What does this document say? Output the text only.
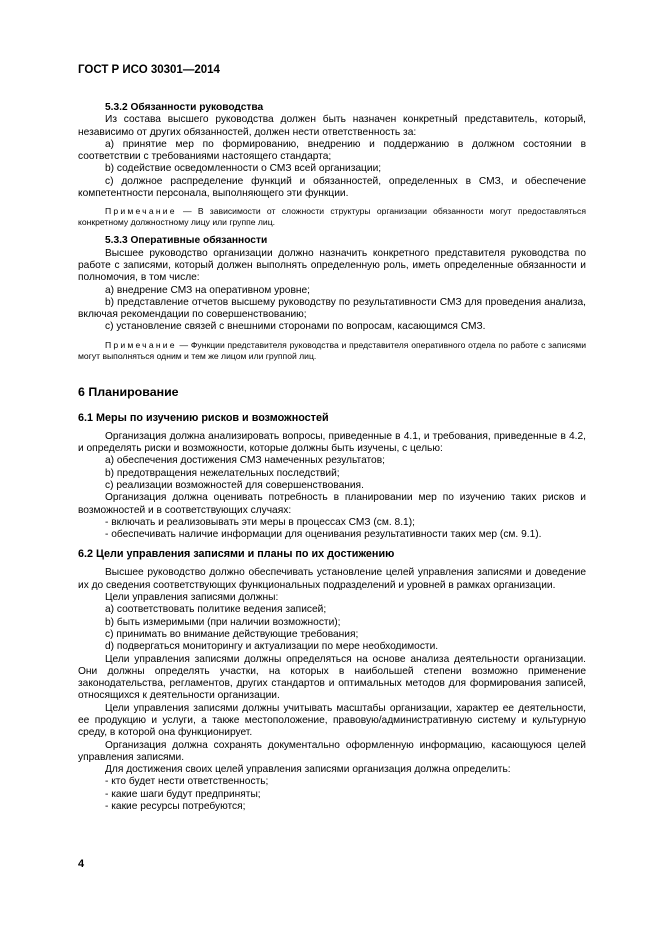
ГОСТ Р ИСО 30301—2014

5.3.2 Обязанности руководства

Из состава высшего руководства должен быть назначен конкретный представитель, который, независимо от других обязанностей, должен нести ответственность за:

a) принятие мер по формированию, внедрению и поддержанию в должном состоянии в соответствии с требованиями настоящего стандарта;

b) содействие осведомленности о СМЗ всей организации;

c) должное распределение функций и обязанностей, определенных в СМЗ, и обеспечение компетентности персонала, выполняющего эти функции.

Примечание — В зависимости от сложности структуры организации обязанности могут предоставляться конкретному должностному лицу или группе лиц.

5.3.3 Оперативные обязанности

Высшее руководство организации должно назначить конкретного представителя руководства по работе с записями, который должен выполнять определенную роль, иметь определенные обязанности и полномочия, в том числе:

a) внедрение СМЗ на оперативном уровне;

b) представление отчетов высшему руководству по результативности СМЗ для проведения анализа, включая рекомендации по совершенствованию;

c) установление связей с внешними сторонами по вопросам, касающимся СМЗ.

Примечание — Функции представителя руководства и представителя оперативного отдела по работе с записями могут выполняться одним и тем же лицом или группой лиц.

6 Планирование

6.1 Меры по изучению рисков и возможностей

Организация должна анализировать вопросы, приведенные в 4.1, и требования, приведенные в 4.2, и определять риски и возможности, которые должны быть изучены, с целью:

а) обеспечения достижения СМЗ намеченных результатов;

b) предотвращения нежелательных последствий;

c) реализации возможностей для совершенствования.

Организация должна оценивать потребность в планировании мер по изучению таких рисков и возможностей и в соответствующих случаях:

- включать и реализовывать эти меры в процессах СМЗ (см. 8.1);

- обеспечивать наличие информации для оценивания результативности таких мер (см. 9.1).

6.2 Цели управления записями и планы по их достижению

Высшее руководство должно обеспечивать установление целей управления записями и доведение их до сведения соответствующих функциональных подразделений и уровней в рамках организации.

Цели управления записями должны:

а) соответствовать политике ведения записей;

b) быть измеримыми (при наличии возможности);

c) принимать во внимание действующие требования;

d) подвергаться мониторингу и актуализации по мере необходимости.

Цели управления записями должны определяться на основе анализа деятельности организации. Они должны определять участки, на которых в наибольшей степени возможно применение законодательства, регламентов, других стандартов и оптимальных методов для формирования записей, относящихся к деятельности организации.

Цели управления записями должны учитывать масштабы организации, характер ее деятельности, ее продукцию и услуги, а также местоположение, правовую/административную систему и культурную среду, в которой она функционирует.

Организация должна сохранять документально оформленную информацию, касающуюся целей управления записями.

Для достижения своих целей управления записями организация должна определить:

- кто будет нести ответственность;

- какие шаги будут предприняты;

- какие ресурсы потребуются;

4
